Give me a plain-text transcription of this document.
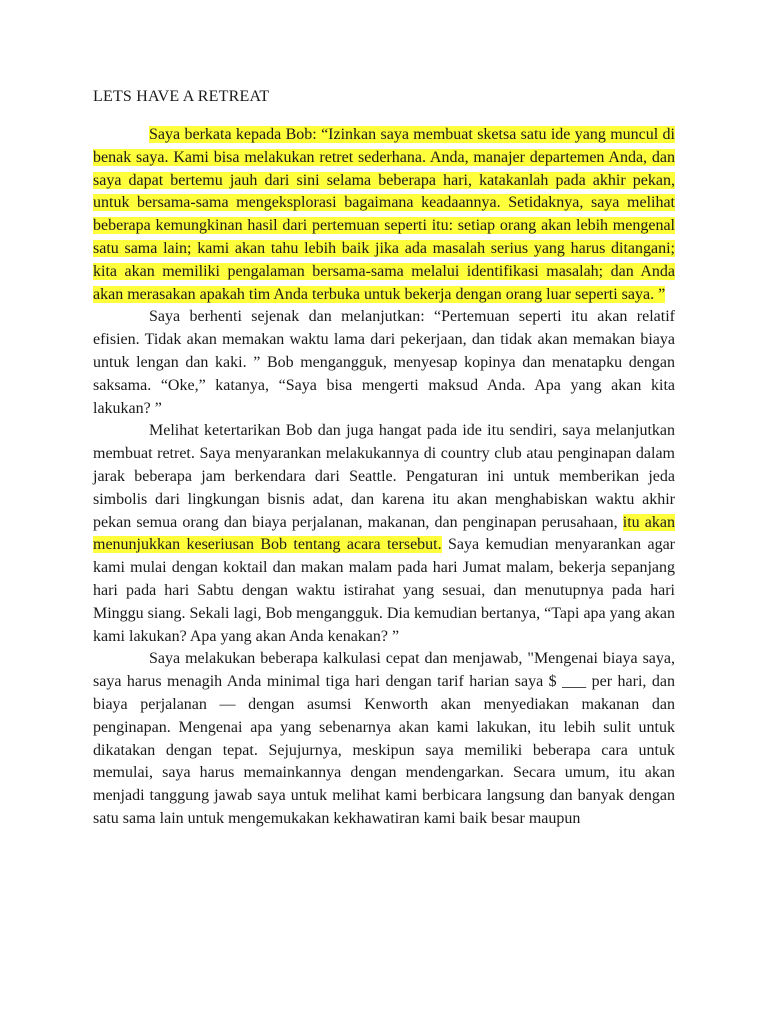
LETS HAVE A RETREAT

Saya berkata kepada Bob: “Izinkan saya membuat sketsa satu ide yang muncul di benak saya. Kami bisa melakukan retret sederhana. Anda, manajer departemen Anda, dan saya dapat bertemu jauh dari sini selama beberapa hari, katakanlah pada akhir pekan, untuk bersama-sama mengeksplorasi bagaimana keadaannya. Setidaknya, saya melihat beberapa kemungkinan hasil dari pertemuan seperti itu: setiap orang akan lebih mengenal satu sama lain; kami akan tahu lebih baik jika ada masalah serius yang harus ditangani; kita akan memiliki pengalaman bersama-sama melalui identifikasi masalah; dan Anda akan merasakan apakah tim Anda terbuka untuk bekerja dengan orang luar seperti saya. ”

Saya berhenti sejenak dan melanjutkan: “Pertemuan seperti itu akan relatif efisien. Tidak akan memakan waktu lama dari pekerjaan, dan tidak akan memakan biaya untuk lengan dan kaki. ” Bob mengangguk, menyesap kopinya dan menatapku dengan saksama. “Oke,” katanya, “Saya bisa mengerti maksud Anda. Apa yang akan kita lakukan? ”

Melihat ketertarikan Bob dan juga hangat pada ide itu sendiri, saya melanjutkan membuat retret. Saya menyarankan melakukannya di country club atau penginapan dalam jarak beberapa jam berkendara dari Seattle. Pengaturan ini untuk memberikan jeda simbolis dari lingkungan bisnis adat, dan karena itu akan menghabiskan waktu akhir pekan semua orang dan biaya perjalanan, makanan, dan penginapan perusahaan, itu akan menunjukkan keseriusan Bob tentang acara tersebut. Saya kemudian menyarankan agar kami mulai dengan koktail dan makan malam pada hari Jumat malam, bekerja sepanjang hari pada hari Sabtu dengan waktu istirahat yang sesuai, dan menutupnya pada hari Minggu siang. Sekali lagi, Bob mengangguk. Dia kemudian bertanya, “Tapi apa yang akan kami lakukan? Apa yang akan Anda kenakan? ”

Saya melakukan beberapa kalkulasi cepat dan menjawab, "Mengenai biaya saya, saya harus menagih Anda minimal tiga hari dengan tarif harian saya $ ___ per hari, dan biaya perjalanan — dengan asumsi Kenworth akan menyediakan makanan dan penginapan. Mengenai apa yang sebenarnya akan kami lakukan, itu lebih sulit untuk dikatakan dengan tepat. Sejujurnya, meskipun saya memiliki beberapa cara untuk memulai, saya harus memainkannya dengan mendengarkan. Secara umum, itu akan menjadi tanggung jawab saya untuk melihat kami berbicara langsung dan banyak dengan satu sama lain untuk mengemukakan kekhawatiran kami baik besar maupun
